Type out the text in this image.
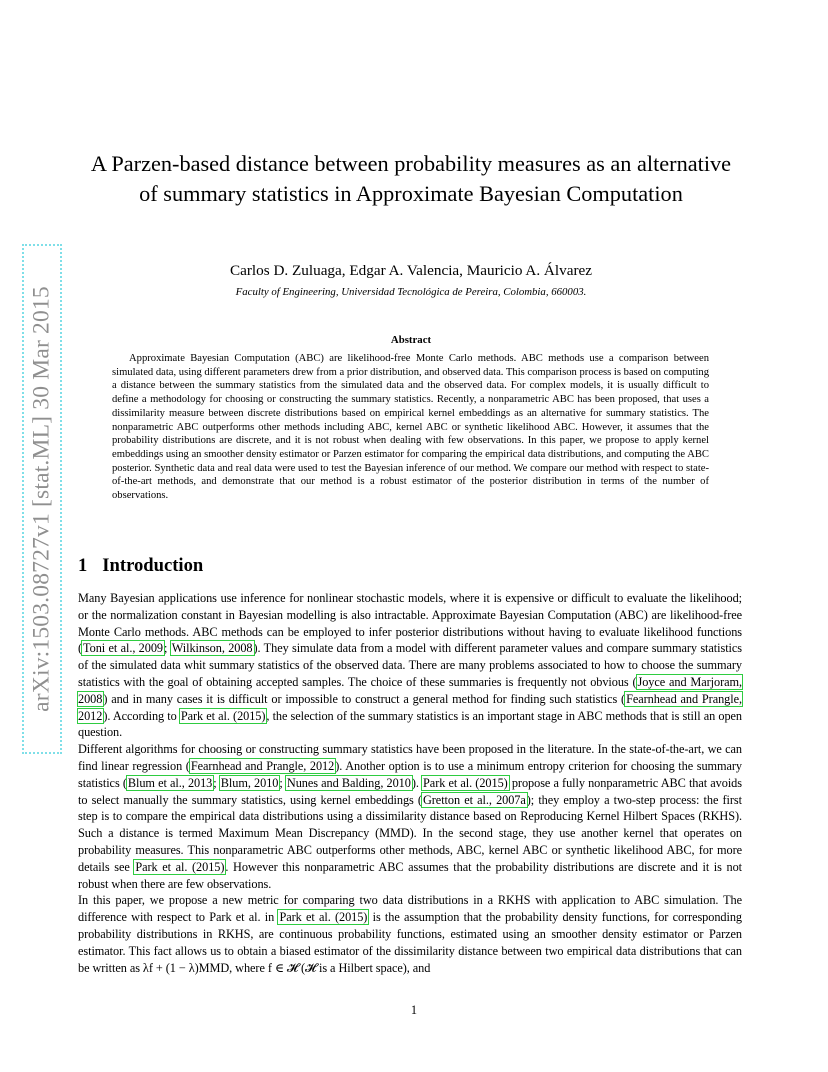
arXiv:1503.08727v1 [stat.ML] 30 Mar 2015
A Parzen-based distance between probability measures as an alternative of summary statistics in Approximate Bayesian Computation

Carlos D. Zuluaga, Edgar A. Valencia, Mauricio A. Álvarez

Faculty of Engineering, Universidad Tecnológica de Pereira, Colombia, 660003.

Abstract

Approximate Bayesian Computation (ABC) are likelihood-free Monte Carlo methods. ABC methods use a comparison between simulated data, using different parameters drew from a prior distribution, and observed data. This comparison process is based on computing a distance between the summary statistics from the simulated data and the observed data. For complex models, it is usually difficult to define a methodology for choosing or constructing the summary statistics. Recently, a nonparametric ABC has been proposed, that uses a dissimilarity measure between discrete distributions based on empirical kernel embeddings as an alternative for summary statistics. The nonparametric ABC outperforms other methods including ABC, kernel ABC or synthetic likelihood ABC. However, it assumes that the probability distributions are discrete, and it is not robust when dealing with few observations. In this paper, we propose to apply kernel embeddings using an smoother density estimator or Parzen estimator for comparing the empirical data distributions, and computing the ABC posterior. Synthetic data and real data were used to test the Bayesian inference of our method. We compare our method with respect to state-of-the-art methods, and demonstrate that our method is a robust estimator of the posterior distribution in terms of the number of observations.

1 Introduction

Many Bayesian applications use inference for nonlinear stochastic models, where it is expensive or difficult to evaluate the likelihood; or the normalization constant in Bayesian modelling is also intractable. Approximate Bayesian Computation (ABC) are likelihood-free Monte Carlo methods. ABC methods can be employed to infer posterior distributions without having to evaluate likelihood functions (Toni et al., 2009; Wilkinson, 2008). They simulate data from a model with different parameter values and compare summary statistics of the simulated data whit summary statistics of the observed data. There are many problems associated to how to choose the summary statistics with the goal of obtaining accepted samples. The choice of these summaries is frequently not obvious (Joyce and Marjoram, 2008) and in many cases it is difficult or impossible to construct a general method for finding such statistics (Fearnhead and Prangle, 2012). According to Park et al. (2015), the selection of the summary statistics is an important stage in ABC methods that is still an open question.

Different algorithms for choosing or constructing summary statistics have been proposed in the literature. In the state-of-the-art, we can find linear regression (Fearnhead and Prangle, 2012). Another option is to use a minimum entropy criterion for choosing the summary statistics (Blum et al., 2013; Blum, 2010; Nunes and Balding, 2010). Park et al. (2015) propose a fully nonparametric ABC that avoids to select manually the summary statistics, using kernel embeddings (Gretton et al., 2007a); they employ a two-step process: the first step is to compare the empirical data distributions using a dissimilarity distance based on Reproducing Kernel Hilbert Spaces (RKHS). Such a distance is termed Maximum Mean Discrepancy (MMD). In the second stage, they use another kernel that operates on probability measures. This nonparametric ABC outperforms other methods, ABC, kernel ABC or synthetic likelihood ABC, for more details see Park et al. (2015). However this nonparametric ABC assumes that the probability distributions are discrete and it is not robust when there are few observations.

In this paper, we propose a new metric for comparing two data distributions in a RKHS with application to ABC simulation. The difference with respect to Park et al. in Park et al. (2015) is the assumption that the probability density functions, for corresponding probability distributions in RKHS, are continuous probability functions, estimated using an smoother density estimator or Parzen estimator. This fact allows us to obtain a biased estimator of the dissimilarity distance between two empirical data distributions that can be written as λf + (1 − λ)MMD, where f ∈ 𝓗 (𝓗 is a Hilbert space), and

1
